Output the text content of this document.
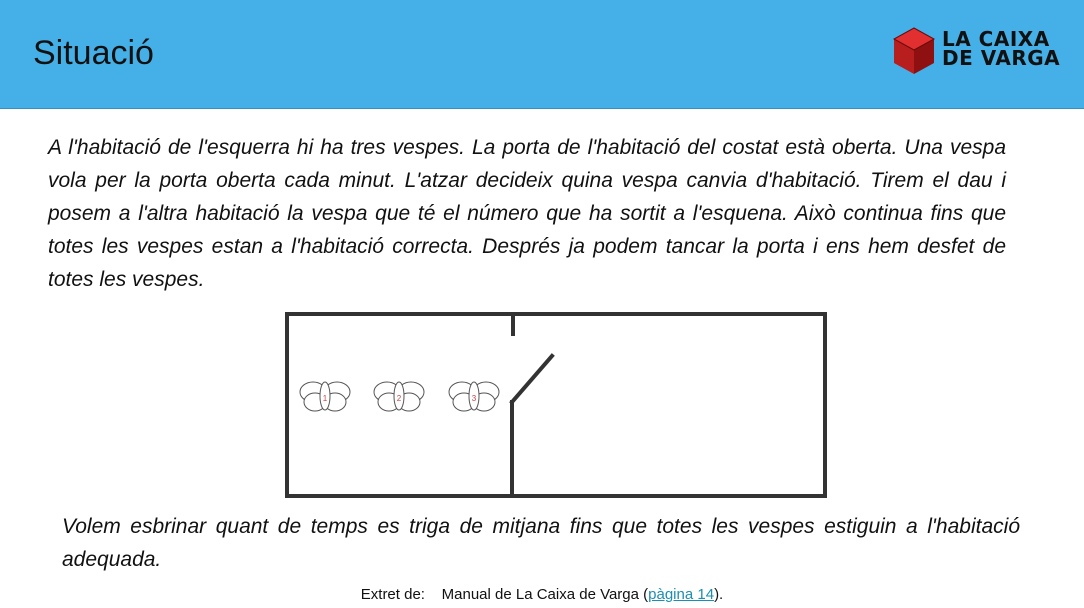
Situació	LA CAIXA
DE VARGA
A l'habitació de l'esquerra hi ha tres vespes. La porta de l'habitació del costat està oberta. Una vespa vola per la porta oberta cada minut. L'atzar decideix quina vespa canvia d'habitació. Tirem el dau i posem a l'altra habitació la vespa que té el número que ha sortit a l'esquena. Això continua fins que totes les vespes estan a l'habitació correcta. Després ja podem tancar la porta i ens hem desfet de totes les vespes.
1	2	3
Volem esbrinar quant de temps es triga de mitjana fins que totes les vespes estiguin a l'habitació adequada.
Extret de: Manual de La Caixa de Varga (pàgina 14).
